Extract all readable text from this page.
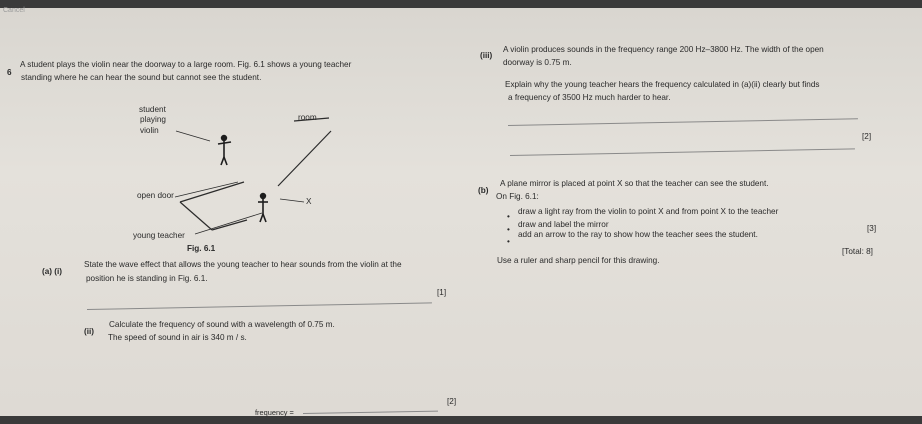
Cancel
6
A student plays the violin near the doorway to a large room. Fig. 6.1 shows a young teacher
standing where he can hear the sound but cannot see the student.
student
playing
violin
room
open door
X
young teacher
Fig. 6.1
(a) (i)
State the wave effect that allows the young teacher to hear sounds from the violin at the
position he is standing in Fig. 6.1.
[1]
(ii)
Calculate the frequency of sound with a wavelength of 0.75 m.
The speed of sound in air is 340 m / s.
frequency =
[2]
(iii)
A violin produces sounds in the frequency range 200 Hz–3800 Hz. The width of the open
doorway is 0.75 m.
Explain why the young teacher hears the frequency calculated in (a)(ii) clearly but finds
a frequency of 3500 Hz much harder to hear.
[2]
(b)
A plane mirror is placed at point X so that the teacher can see the student.
On Fig. 6.1:
•
draw a light ray from the violin to point X and from point X to the teacher
•
draw and label the mirror
•
add an arrow to the ray to show how the teacher sees the student.
[3]
Use a ruler and sharp pencil for this drawing.
[Total: 8]
